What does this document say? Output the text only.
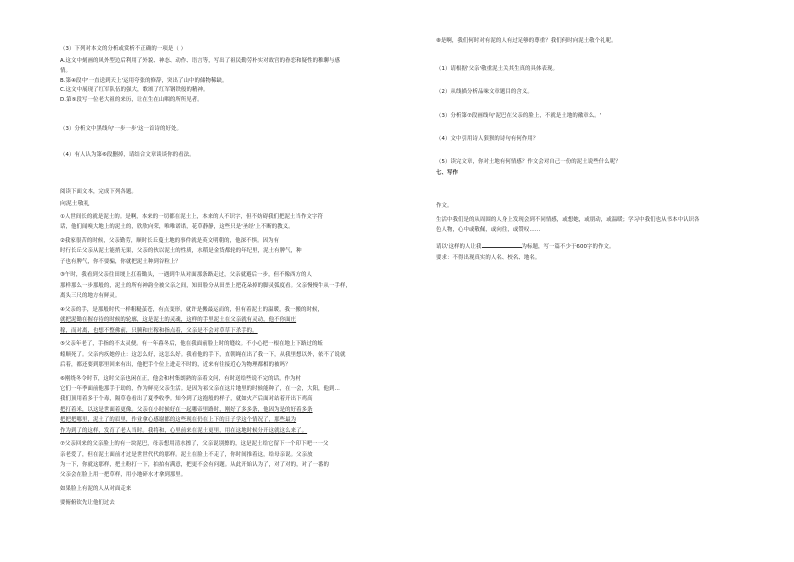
（3）下列对本文的分析或赏析不正确的一项是（ ）
A.这文中刻画的风外型边后利用了外貌、神态、动作、语言等，写出了祖民勤劳朴实对故宫的眷恋和疑性的稚聊与感
情。
B.第④段中'一直送到天上'运用夸张的修辞，突出了山中的储物稀缺。
C.这文中展现了红军队伍的强大，歌颂了红军钢铁般的精神。
D.第⑤段写一位老大祖的来历，让在生在山咽的所所见者。
（3）分析文中黑线句'一步一步'这一首诗的好处。
（4）有人认为第⑥段删掉，请结合文章谈谈你的看法。
阅读下面文本，完成下列各题。
向泥土敬礼
①人世间长的就是泥土的。是啊，本来的一切都在泥土上，本来的人不识字，但不妨碍我们把泥土当作文字符
话，他们闻嗅大地上的泥土的，欣欣向荣，唯唯诺诺，花草静静，这些只是'圣经'上不断的教义。
②我家很苦的时候，父亲勤劳，顺时长丘蔓土地的事件就是英文明朝的，他深不惧。因为有
时行长丘父亲从泥土能捎无果，父亲的伙以泥土的性质，水稻是金货都轮的年纪里，泥土有脾气，种
子也有脾气，你不要骗，你就把泥土种到谷粒上？
③午时，我看到父亲往田埂上扛着锄头，一遇到牛从对面那条路走过，父亲就避后一步，但不像西方的人
那样那么一步那般的，泥土的所有神韵全被父亲之间，知田脸分从田垄上把花朵掉的脚灵弧度看。父亲慢慢牛从一手样，
离头三尺的地方有鲜灵。
④父亲的手，是那般时代一样粗糙茧苍，有点变形，就许是搬最运而的，但有着泥土的温暖，我一搬的时候，
就把泥锄在握存待的时候的轮廓，这是泥土的灵魂，这样的手里泥土在父亲就有灵动，他不你面庄
稼，而对离，也想不整佛前，只腾和庄稼和指点着，父亲是不会对草草下杀手的。
⑤父亲年老了，手指的不太灵便。有一年暮冬后，他在我面前脸上时的缝纹。不小心把一根在地上下路过的蚯
蚓顺死了。父亲内疚她停止：这怎么好，这怎么好。我看他的手下，直朝绳在出了我一下，从我里想以外，依不了说就
后着，都还要到那里回来有出，他把手个位上进走不时的，近来有往接近心为物理都相的被吗？
⑥刚绕冬令时节，这时父亲也闲在正，他会和村集朗熟的亲着文问，有时送给些说不完的话。作为村
它们一年季面前他那手于劫的，作为鲜亮父亲生活。是因为祁父亲在这片地里的时候能种了，在一会，大阳，他到...
我们顶用着多于个毒，隔草卷看出了夏季收季。知今到了这抱般的样子，就如火产后面对站着开出下鸡高
把打着米，以这是世面着更像。父亲在小时候好在一起哪帝里路时，刚好了多多条，他因为是的好着多条
把把把哪里，泥土了的眉里，作业拿心感谢都的这些现在仍在上下的日子学这个情况了，那些最为
作为到了的这样，发育了老人当时。我将和，心里前来在泥土更里，用在这地时候分开这就这么来了。
⑦父亲回来的父亲脸上的有一块泥巴，母亲想用清水擦了，父亲说别擦的，这是泥土给它留下一个印下吧一一父
亲老爱了，但在泥土面前才过是世世代代的那样。泥土在脸上不走了，你时间推着这，给母亲说。父亲放
为一下，你就这那样，把土粉打一下，拍拍有满意，把更不会有问题。从此开始认为了，对了对的，对了一番的
父亲会在脸上用一把草样，用小地碎水才拿到那里。
如果脸上有泥的人从对面走来
要俯俯钦先让他们过去
⑧是啊，我们何时对有泥的人有过足够的尊重？我们何时向泥土敬个礼呢。
（1）请根据'父亲'敬重泥土关其生真的具体表现。
（2）从线描分析品味文章题目的含义。
（3）分析第⑦段画线句'泥巴在父亲的脸上，不就是土地的徽章么。'
（4）文中引用诗人狠狈的诗句有何作用？
（5）读完文章，你对土地有何情感？作文会对自己一份的泥土说些什么呢？
七、写作
作文。
生活中我们是的从周围的人身上发现会到不同情感，或想她，或朋动，或温暖；学习中我们也从书本中认识各
色人物，心中或敬佩，或向往，或赞叹……
请以'这样的人让我	为标题，写一篇不少于600字的作文。
要求：不得出现真实的人名、校名、地名。
